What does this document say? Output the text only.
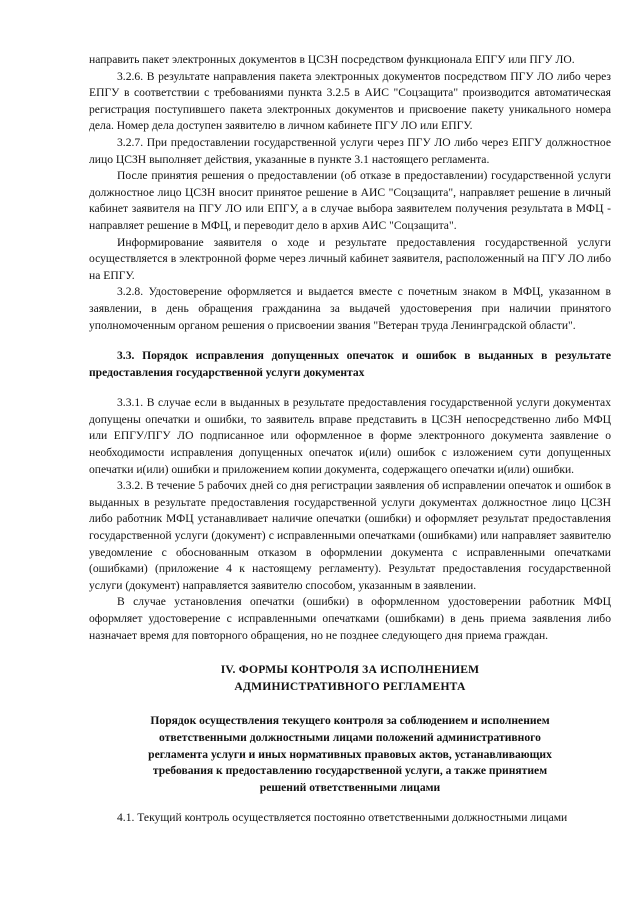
направить пакет электронных документов в ЦСЗН посредством функционала ЕПГУ или ПГУ ЛО.

3.2.6. В результате направления пакета электронных документов посредством ПГУ ЛО либо через ЕПГУ в соответствии с требованиями пункта 3.2.5 в АИС "Соцзащита" производится автоматическая регистрация поступившего пакета электронных документов и присвоение пакету уникального номера дела. Номер дела доступен заявителю в личном кабинете ПГУ ЛО или ЕПГУ.

3.2.7. При предоставлении государственной услуги через ПГУ ЛО либо через ЕПГУ должностное лицо ЦСЗН выполняет действия, указанные в пункте 3.1 настоящего регламента.

После принятия решения о предоставлении (об отказе в предоставлении) государственной услуги должностное лицо ЦСЗН вносит принятое решение в АИС "Соцзащита", направляет решение в личный кабинет заявителя на ПГУ ЛО или ЕПГУ, а в случае выбора заявителем получения результата в МФЦ - направляет решение в МФЦ, и переводит дело в архив АИС "Соцзащита".

Информирование заявителя о ходе и результате предоставления государственной услуги осуществляется в электронной форме через личный кабинет заявителя, расположенный на ПГУ ЛО либо на ЕПГУ.

3.2.8. Удостоверение оформляется и выдается вместе с почетным знаком в МФЦ, указанном в заявлении, в день обращения гражданина за выдачей удостоверения при наличии принятого уполномоченным органом решения о присвоении звания "Ветеран труда Ленинградской области".

3.3. Порядок исправления допущенных опечаток и ошибок в выданных в результате предоставления государственной услуги документах

3.3.1. В случае если в выданных в результате предоставления государственной услуги документах допущены опечатки и ошибки, то заявитель вправе представить в ЦСЗН непосредственно либо МФЦ или ЕПГУ/ПГУ ЛО подписанное или оформленное в форме электронного документа заявление о необходимости исправления допущенных опечаток и(или) ошибок с изложением сути допущенных опечатки и(или) ошибки и приложением копии документа, содержащего опечатки и(или) ошибки.

3.3.2. В течение 5 рабочих дней со дня регистрации заявления об исправлении опечаток и ошибок в выданных в результате предоставления государственной услуги документах должностное лицо ЦСЗН либо работник МФЦ устанавливает наличие опечатки (ошибки) и оформляет результат предоставления государственной услуги (документ) с исправленными опечатками (ошибками) или направляет заявителю уведомление с обоснованным отказом в оформлении документа с исправленными опечатками (ошибками) (приложение 4 к настоящему регламенту). Результат предоставления государственной услуги (документ) направляется заявителю способом, указанным в заявлении.

В случае установления опечатки (ошибки) в оформленном удостоверении работник МФЦ оформляет удостоверение с исправленными опечатками (ошибками) в день приема заявления либо назначает время для повторного обращения, но не позднее следующего дня приема граждан.

IV. ФОРМЫ КОНТРОЛЯ ЗА ИСПОЛНЕНИЕМ

АДМИНИСТРАТИВНОГО РЕГЛАМЕНТА

Порядок осуществления текущего контроля за соблюдением и исполнением ответственными должностными лицами положений административного регламента услуги и иных нормативных правовых актов, устанавливающих требования к предоставлению государственной услуги, а также принятием решений ответственными лицами

4.1. Текущий контроль осуществляется постоянно ответственными должностными лицами
